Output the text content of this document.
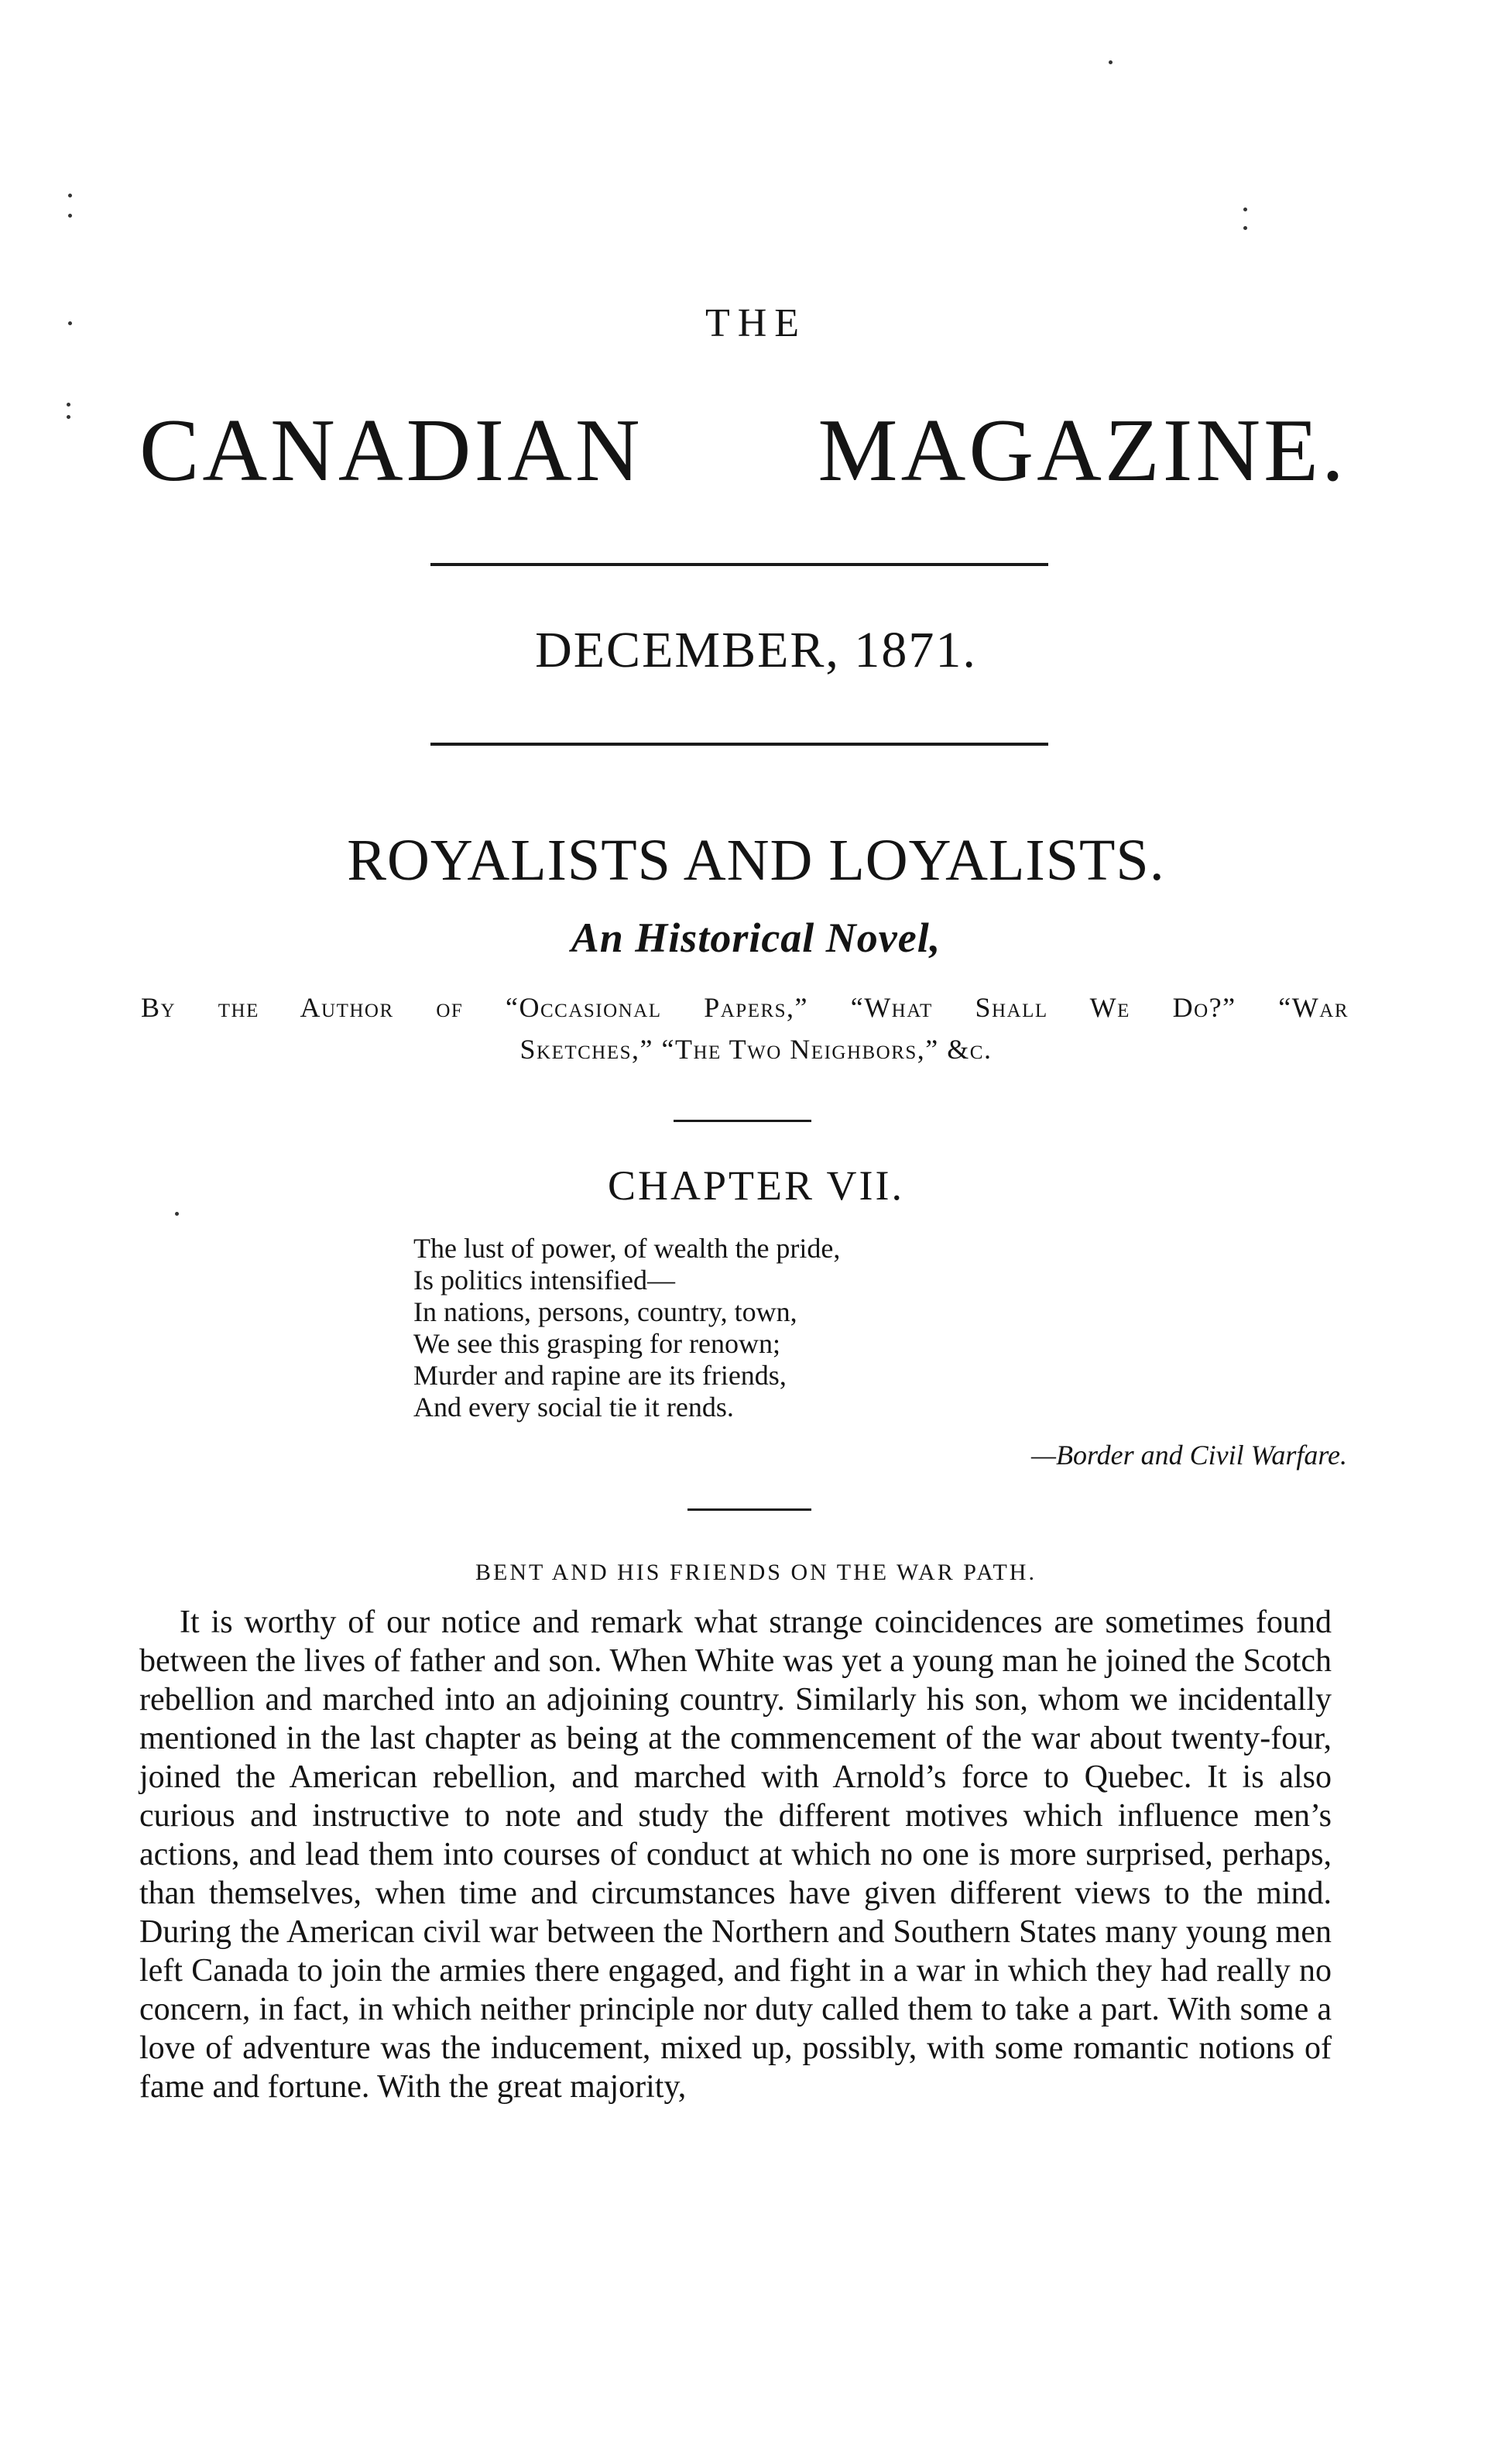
THE
CANADIAN MAGAZINE.
DECEMBER, 1871.
ROYALISTS AND LOYALISTS.
An Historical Novel,
By the Author of “Occasional Papers,” “What Shall We Do?” “War
Sketches,” “The Two Neighbors,” &c.
CHAPTER VII.
The lust of power, of wealth the pride,
Is politics intensified—
In nations, persons, country, town,
We see this grasping for renown;
Murder and rapine are its friends,
And every social tie it rends.
—Border and Civil Warfare.
BENT AND HIS FRIENDS ON THE WAR PATH.

It is worthy of our notice and remark what strange coincidences are sometimes found between the lives of father and son. When White was yet a young man he joined the Scotch rebellion and marched into an adjoining country. Similarly his son, whom we incidentally mentioned in the last chapter as being at the commencement of the war about twenty-four, joined the American rebellion, and marched with Arnold’s force to Quebec. It is also curious and instructive to note and study the different motives which influence men’s actions, and lead them into courses of conduct at which no one is more surprised, perhaps, than themselves, when time and circumstances have given different views to the mind. During the American civil war between the Northern and Southern States many young men left Canada to join the armies there engaged, and fight in a war in which they had really no concern, in fact, in which neither principle nor duty called them to take a part. With some a love of adventure was the inducement, mixed up, possibly, with some romantic notions of fame and fortune. With the great majority,
